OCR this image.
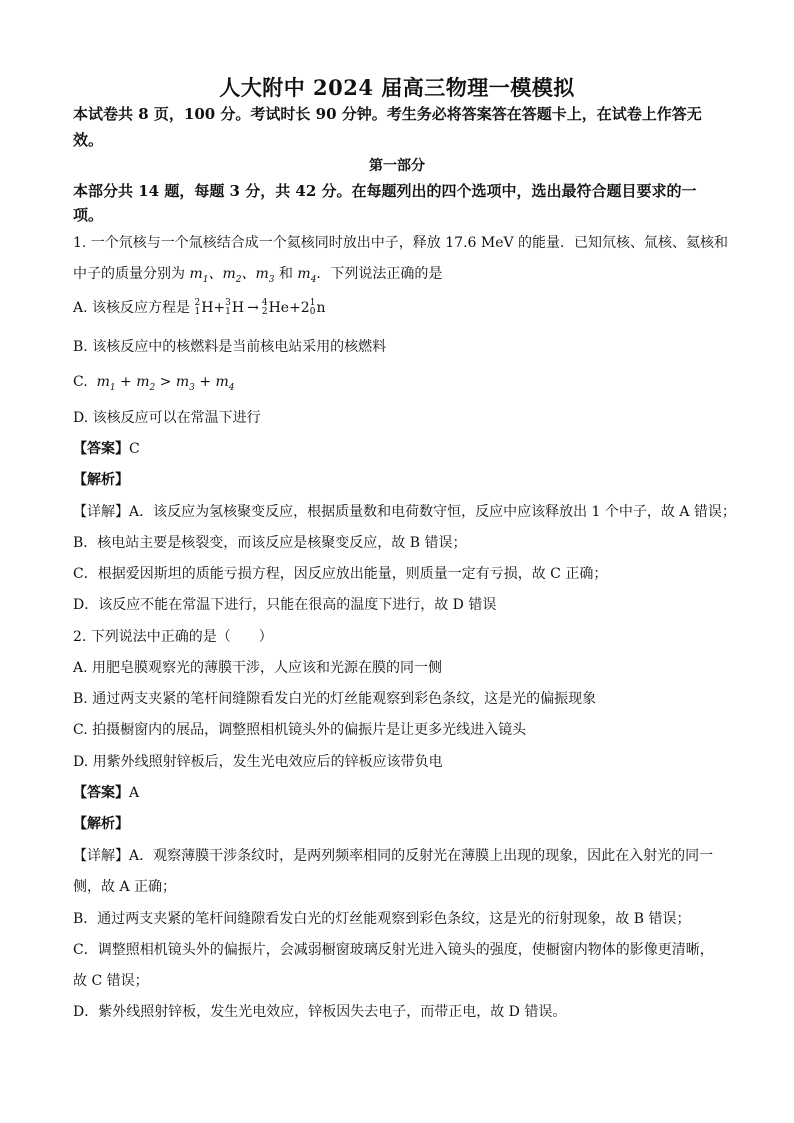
人大附中 2024 届高三物理一模模拟
本试卷共 8 页，100 分。考试时长 90 分钟。考生务必将答案答在答题卡上，在试卷上作答无
效。
第一部分
本部分共 14 题，每题 3 分，共 42 分。在每题列出的四个选项中，选出最符合题目要求的一
项。
1. 一个氘核与一个氚核结合成一个氦核同时放出中子，释放 17.6 MeV 的能量．已知氘核、氚核、氦核和
中子的质量分别为 $m_1$、$m_2$、$m_3$ 和 $m_4$．下列说法正确的是
A. 该核反应方程是 2
1 H+ 3
1 H → 4
2 He+2 1
0 n
B. 该核反应中的核燃料是当前核电站采用的核燃料
C.  $m_1 + m_2 > m_3 + m_4$
D. 该核反应可以在常温下进行
【答案】C
【解析】
【详解】A．该反应为氢核聚变反应，根据质量数和电荷数守恒，反应中应该释放出 1 个中子，故 A 错误；
B．核电站主要是核裂变，而该反应是核聚变反应，故 B 错误；
C．根据爱因斯坦的质能亏损方程，因反应放出能量，则质量一定有亏损，故 C 正确；
D．该反应不能在常温下进行，只能在很高的温度下进行，故 D 错误
2. 下列说法中正确的是（　　）
A. 用肥皂膜观察光的薄膜干涉，人应该和光源在膜的同一侧
B. 通过两支夹紧的笔杆间缝隙看发白光的灯丝能观察到彩色条纹，这是光的偏振现象
C. 拍摄橱窗内的展品，调整照相机镜头外的偏振片是让更多光线进入镜头
D. 用紫外线照射锌板后，发生光电效应后的锌板应该带负电
【答案】A
【解析】
【详解】A．观察薄膜干涉条纹时，是两列频率相同的反射光在薄膜上出现的现象，因此在入射光的同一
侧，故 A 正确；
B．通过两支夹紧的笔杆间缝隙看发白光的灯丝能观察到彩色条纹，这是光的衍射现象，故 B 错误；
C．调整照相机镜头外的偏振片，会减弱橱窗玻璃反射光进入镜头的强度，使橱窗内物体的影像更清晰，
故 C 错误；
D．紫外线照射锌板，发生光电效应，锌板因失去电子，而带正电，故 D 错误。
